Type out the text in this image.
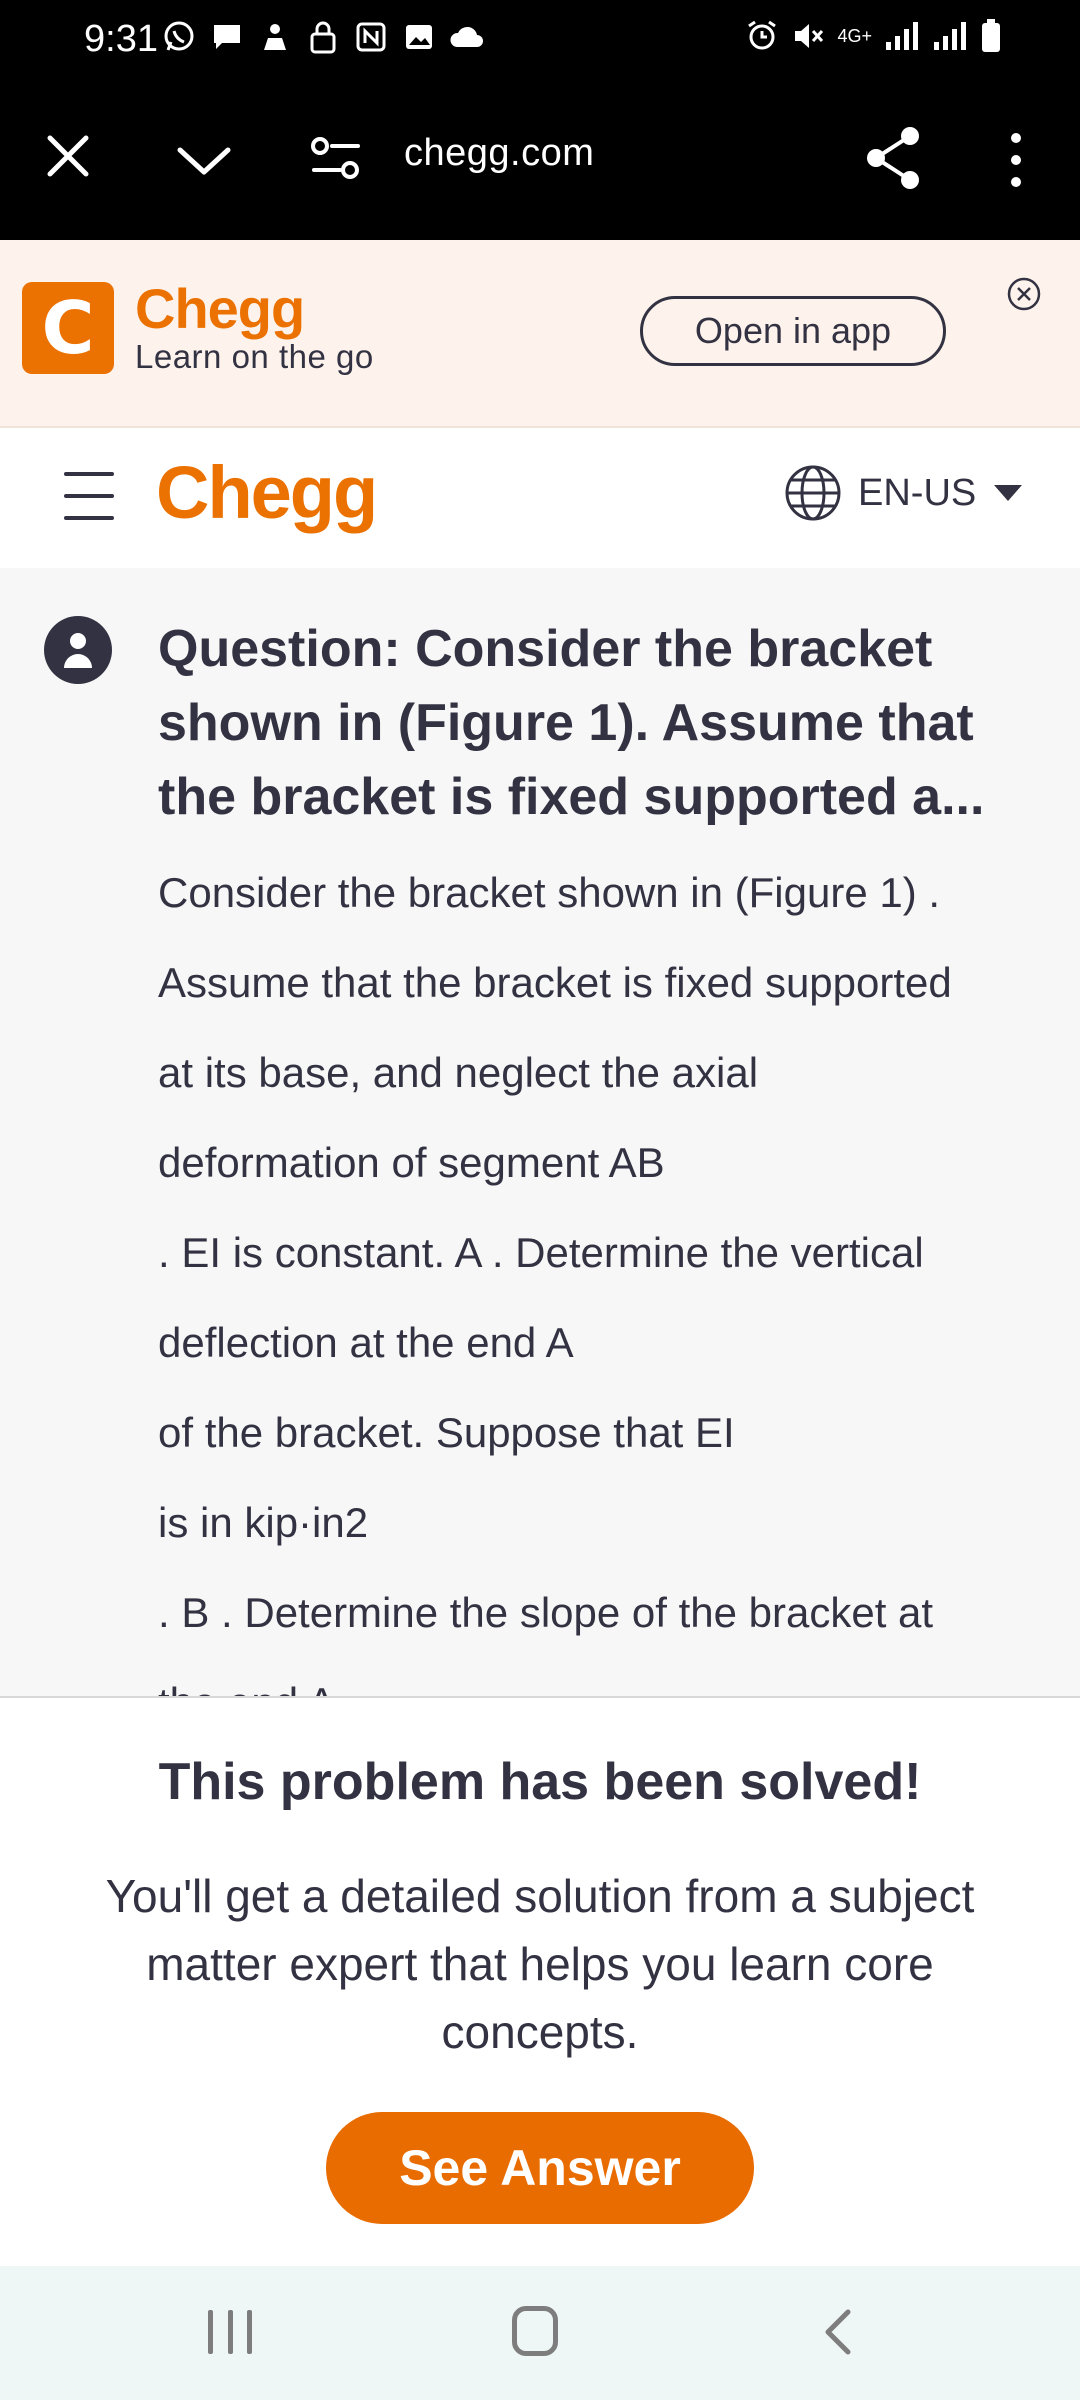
9:31	4G+
chegg.com
C Chegg
Learn on the go
Open in app
Chegg	EN-US
Question: Consider the bracket
shown in (Figure 1). Assume that
the bracket is fixed supported a...
Consider the bracket shown in (Figure 1) .
Assume that the bracket is fixed supported
at its base, and neglect the axial
deformation of segment AB
. EI is constant. A . Determine the vertical
deflection at the end A
of the bracket. Suppose that EI
is in kip·in2
. B . Determine the slope of the bracket at
This problem has been solved!
You'll get a detailed solution from a subject matter expert that helps you learn core concepts.
See Answer
